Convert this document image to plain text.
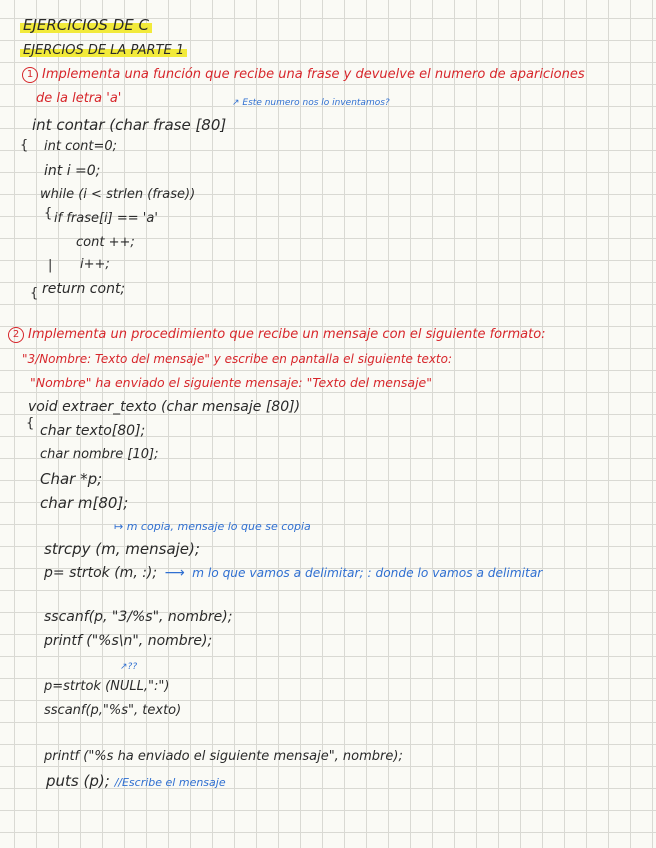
EJERCICIOS DE C
EJERCIOS DE LA PARTE 1
1 Implementa una función que recibe una frase y devuelve el numero de apariciones
de la letra 'a'	↗ Este numero nos lo inventamos?
int contar (char frase [80]
{ int cont=0;
int i =0;
while (i < strlen (frase))
{ if frase[i] == 'a'
cont ++;
| i++;
{ return cont;
2 Implementa un procedimiento que recibe un mensaje con el siguiente formato:
"3/Nombre: Texto del mensaje" y escribe en pantalla el siguiente texto:
"Nombre" ha enviado el siguiente mensaje: "Texto del mensaje"
void extraer_texto (char mensaje [80])
{ char texto[80];
char nombre [10];
Char *p;
char m[80];
↦ m copia, mensaje lo que se copia
strcpy (m, mensaje);
p= strtok (m, :); ⟶ m lo que vamos a delimitar; : donde lo vamos a delimitar
sscanf(p, "3/%s", nombre);
printf ("%s\n", nombre);
↗??
p=strtok (NULL,":")
sscanf(p,"%s", texto)
printf ("%s ha enviado el siguiente mensaje", nombre);
puts (p); //Escribe el mensaje
